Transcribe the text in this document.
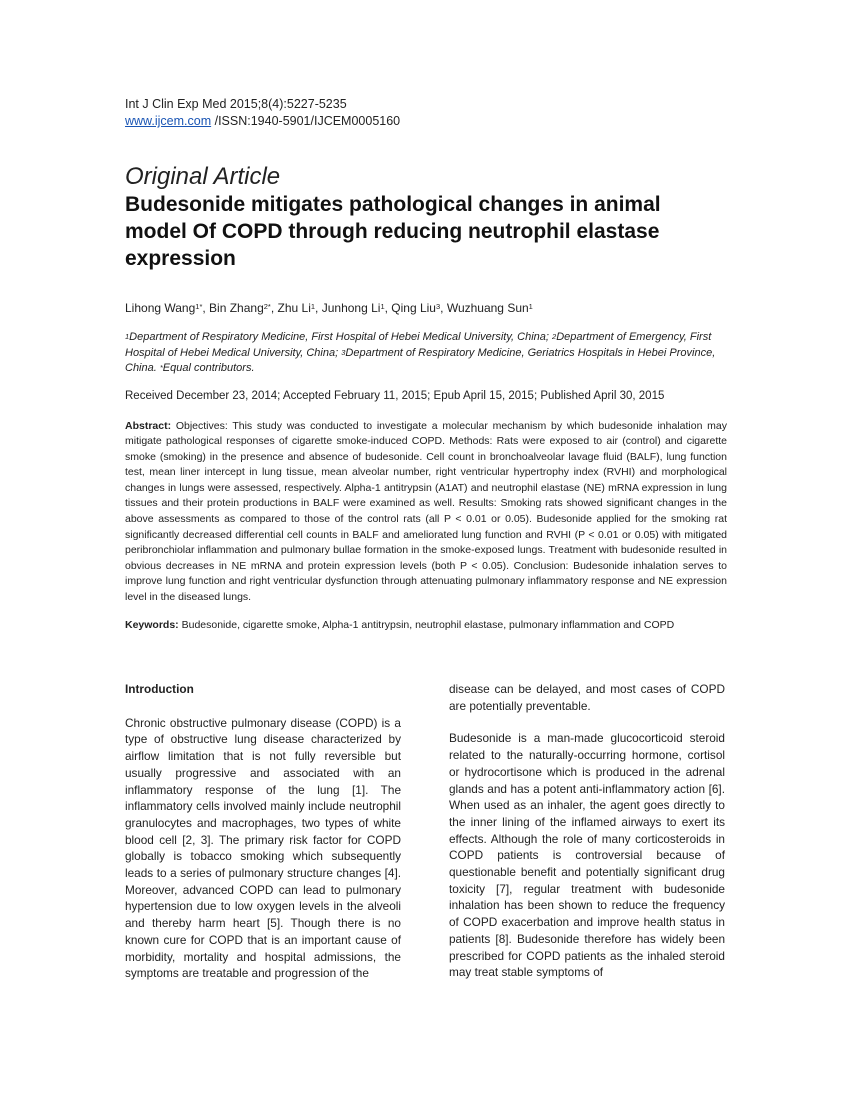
Int J Clin Exp Med 2015;8(4):5227-5235
www.ijcem.com /ISSN:1940-5901/IJCEM0005160
Original Article
Budesonide mitigates pathological changes in animal model Of COPD through reducing neutrophil elastase expression
Lihong Wang$^{1*}$, Bin Zhang$^{2*}$, Zhu Li$^1$, Junhong Li$^1$, Qing Liu$^3$, Wuzhuang Sun$^1$
$^1$Department of Respiratory Medicine, First Hospital of Hebei Medical University, China; $^2$Department of Emergency, First Hospital of Hebei Medical University, China; $^3$Department of Respiratory Medicine, Geriatrics Hospitals in Hebei Province, China. *Equal contributors.
Received December 23, 2014; Accepted February 11, 2015; Epub April 15, 2015; Published April 30, 2015
Abstract: Objectives: This study was conducted to investigate a molecular mechanism by which budesonide inhalation may mitigate pathological responses of cigarette smoke-induced COPD. Methods: Rats were exposed to air (control) and cigarette smoke (smoking) in the presence and absence of budesonide. Cell count in bronchoalveolar lavage fluid (BALF), lung function test, mean liner intercept in lung tissue, mean alveolar number, right ventricular hypertrophy index (RVHI) and morphological changes in lungs were assessed, respectively. Alpha-1 antitrypsin (A1AT) and neutrophil elastase (NE) mRNA expression in lung tissues and their protein productions in BALF were examined as well. Results: Smoking rats showed significant changes in the above assessments as compared to those of the control rats (all P < 0.01 or 0.05). Budesonide applied for the smoking rat significantly decreased differential cell counts in BALF and ameliorated lung function and RVHI (P < 0.01 or 0.05) with mitigated peribronchiolar inflammation and pulmonary bullae formation in the smoke-exposed lungs. Treatment with budesonide resulted in obvious decreases in NE mRNA and protein expression levels (both P < 0.05). Conclusion: Budesonide inhalation serves to improve lung function and right ventricular dysfunction through attenuating pulmonary inflammatory response and NE expression level in the diseased lungs.
Keywords: Budesonide, cigarette smoke, Alpha-1 antitrypsin, neutrophil elastase, pulmonary inflammation and COPD
Introduction

Chronic obstructive pulmonary disease (COPD) is a type of obstructive lung disease characterized by airflow limitation that is not fully reversible but usually progressive and associated with an inflammatory response of the lung [1]. The inflammatory cells involved mainly include neutrophil granulocytes and macrophages, two types of white blood cell [2, 3]. The primary risk factor for COPD globally is tobacco smoking which subsequently leads to a series of pulmonary structure changes [4]. Moreover, advanced COPD can lead to pulmonary hypertension due to low oxygen levels in the alveoli and thereby harm heart [5]. Though there is no known cure for COPD that is an important cause of morbidity, mortality and hospital admissions, the symptoms are treatable and progression of the

disease can be delayed, and most cases of COPD are potentially preventable.

Budesonide is a man-made glucocorticoid steroid related to the naturally-occurring hormone, cortisol or hydrocortisone which is produced in the adrenal glands and has a potent anti-inflammatory action [6]. When used as an inhaler, the agent goes directly to the inner lining of the inflamed airways to exert its effects. Although the role of many corticosteroids in COPD patients is controversial because of questionable benefit and potentially significant drug toxicity [7], regular treatment with budesonide inhalation has been shown to reduce the frequency of COPD exacerbation and improve health status in patients [8]. Budesonide therefore has widely been prescribed for COPD patients as the inhaled steroid may treat stable symptoms of
